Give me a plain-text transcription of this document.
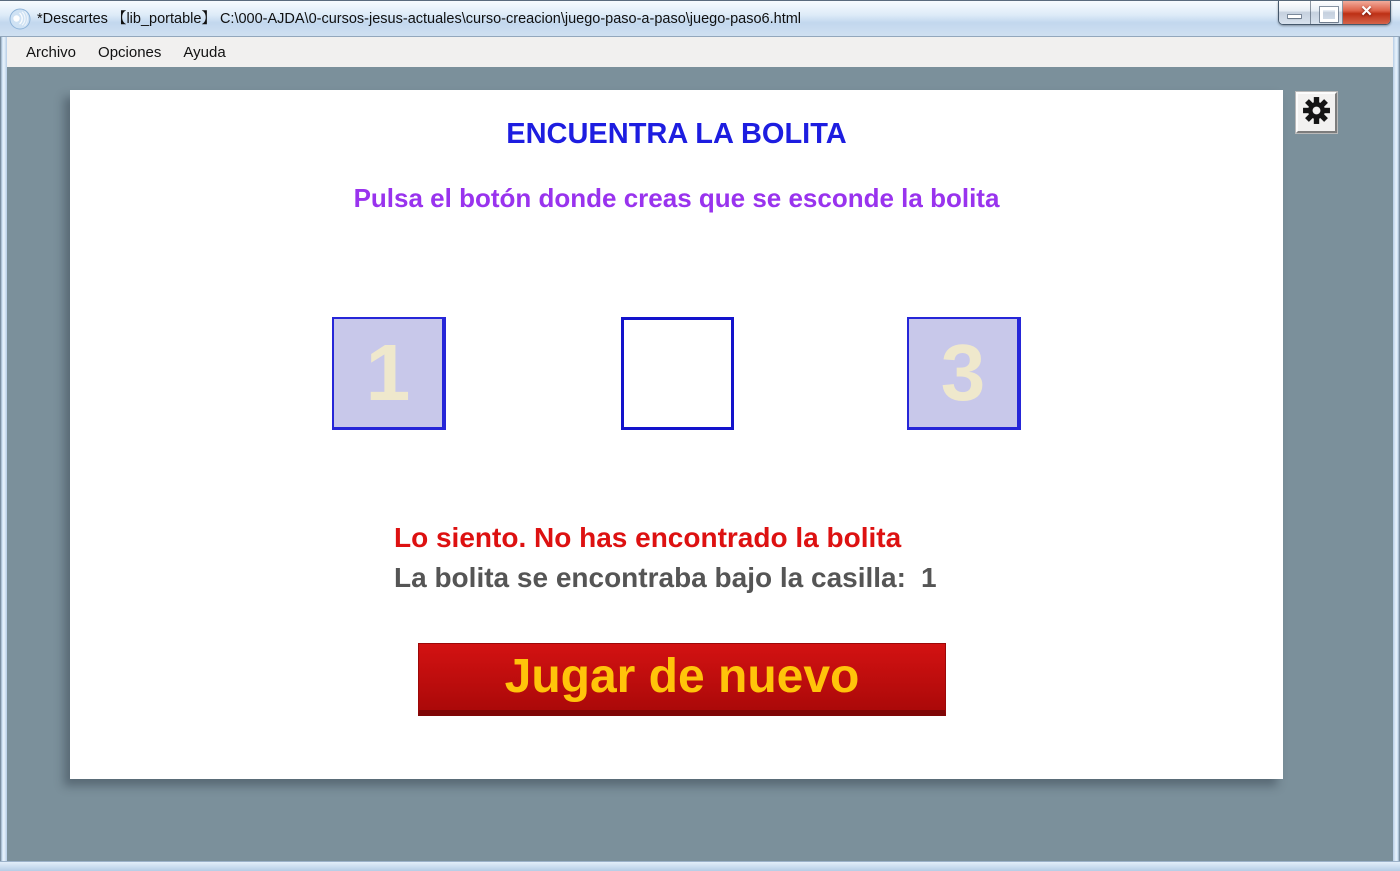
*Descartes 【lib_portable】 C:\000-AJDA\0-cursos-jesus-actuales\curso-creacion\juego-paso-a-paso\juego-paso6.html	✕
Archivo	Opciones	Ayuda
ENCUENTRA LA BOLITA
Pulsa el botón donde creas que se esconde la bolita
1	3
Lo siento. No has encontrado la bolita
La bolita se encontraba bajo la casilla: 1
Jugar de nuevo
